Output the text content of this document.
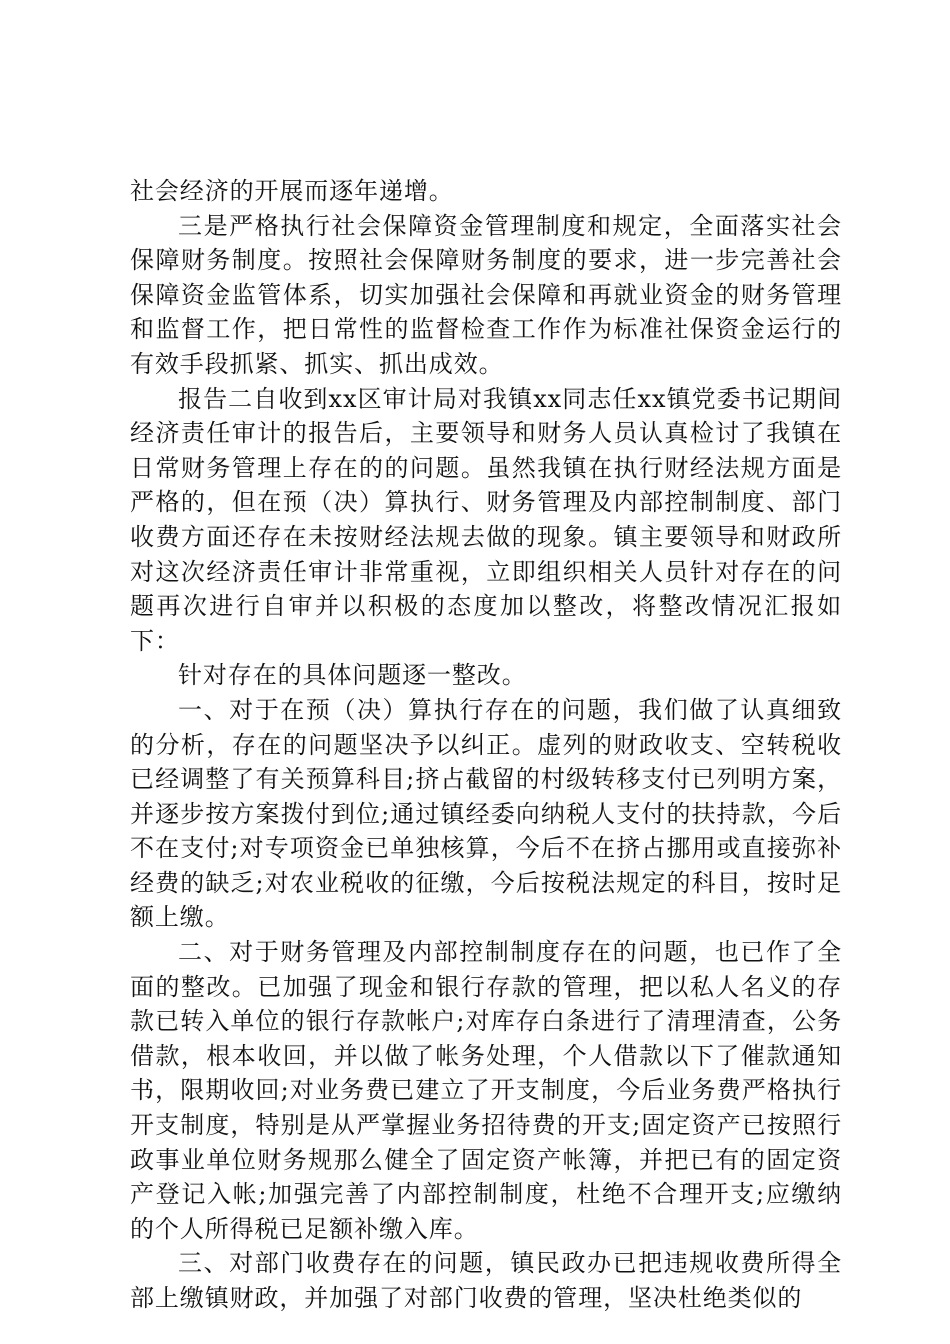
社会经济的开展而逐年递增。

三是严格执行社会保障资金管理制度和规定，全面落实社会保障财务制度。按照社会保障财务制度的要求，进一步完善社会保障资金监管体系，切实加强社会保障和再就业资金的财务管理和监督工作，把日常性的监督检查工作作为标准社保资金运行的有效手段抓紧、抓实、抓出成效。

报告二自收到xx区审计局对我镇xx同志任xx镇党委书记期间经济责任审计的报告后，主要领导和财务人员认真检讨了我镇在日常财务管理上存在的的问题。虽然我镇在执行财经法规方面是严格的，但在预（决）算执行、财务管理及内部控制制度、部门收费方面还存在未按财经法规去做的现象。镇主要领导和财政所对这次经济责任审计非常重视，立即组织相关人员针对存在的问题再次进行自审并以积极的态度加以整改，将整改情况汇报如下：

针对存在的具体问题逐一整改。

一、对于在预（决）算执行存在的问题，我们做了认真细致的分析，存在的问题坚决予以纠正。虚列的财政收支、空转税收已经调整了有关预算科目;挤占截留的村级转移支付已列明方案，并逐步按方案拨付到位;通过镇经委向纳税人支付的扶持款，今后不在支付;对专项资金已单独核算，今后不在挤占挪用或直接弥补经费的缺乏;对农业税收的征缴，今后按税法规定的科目，按时足额上缴。

二、对于财务管理及内部控制制度存在的问题，也已作了全面的整改。已加强了现金和银行存款的管理，把以私人名义的存款已转入单位的银行存款帐户;对库存白条进行了清理清查，公务借款，根本收回，并以做了帐务处理，个人借款以下了催款通知书，限期收回;对业务费已建立了开支制度，今后业务费严格执行开支制度，特别是从严掌握业务招待费的开支;固定资产已按照行政事业单位财务规那么健全了固定资产帐簿，并把已有的固定资产登记入帐;加强完善了内部控制制度，杜绝不合理开支;应缴纳的个人所得税已足额补缴入库。

三、对部门收费存在的问题，镇民政办已把违规收费所得全部上缴镇财政，并加强了对部门收费的管理，坚决杜绝类似的
